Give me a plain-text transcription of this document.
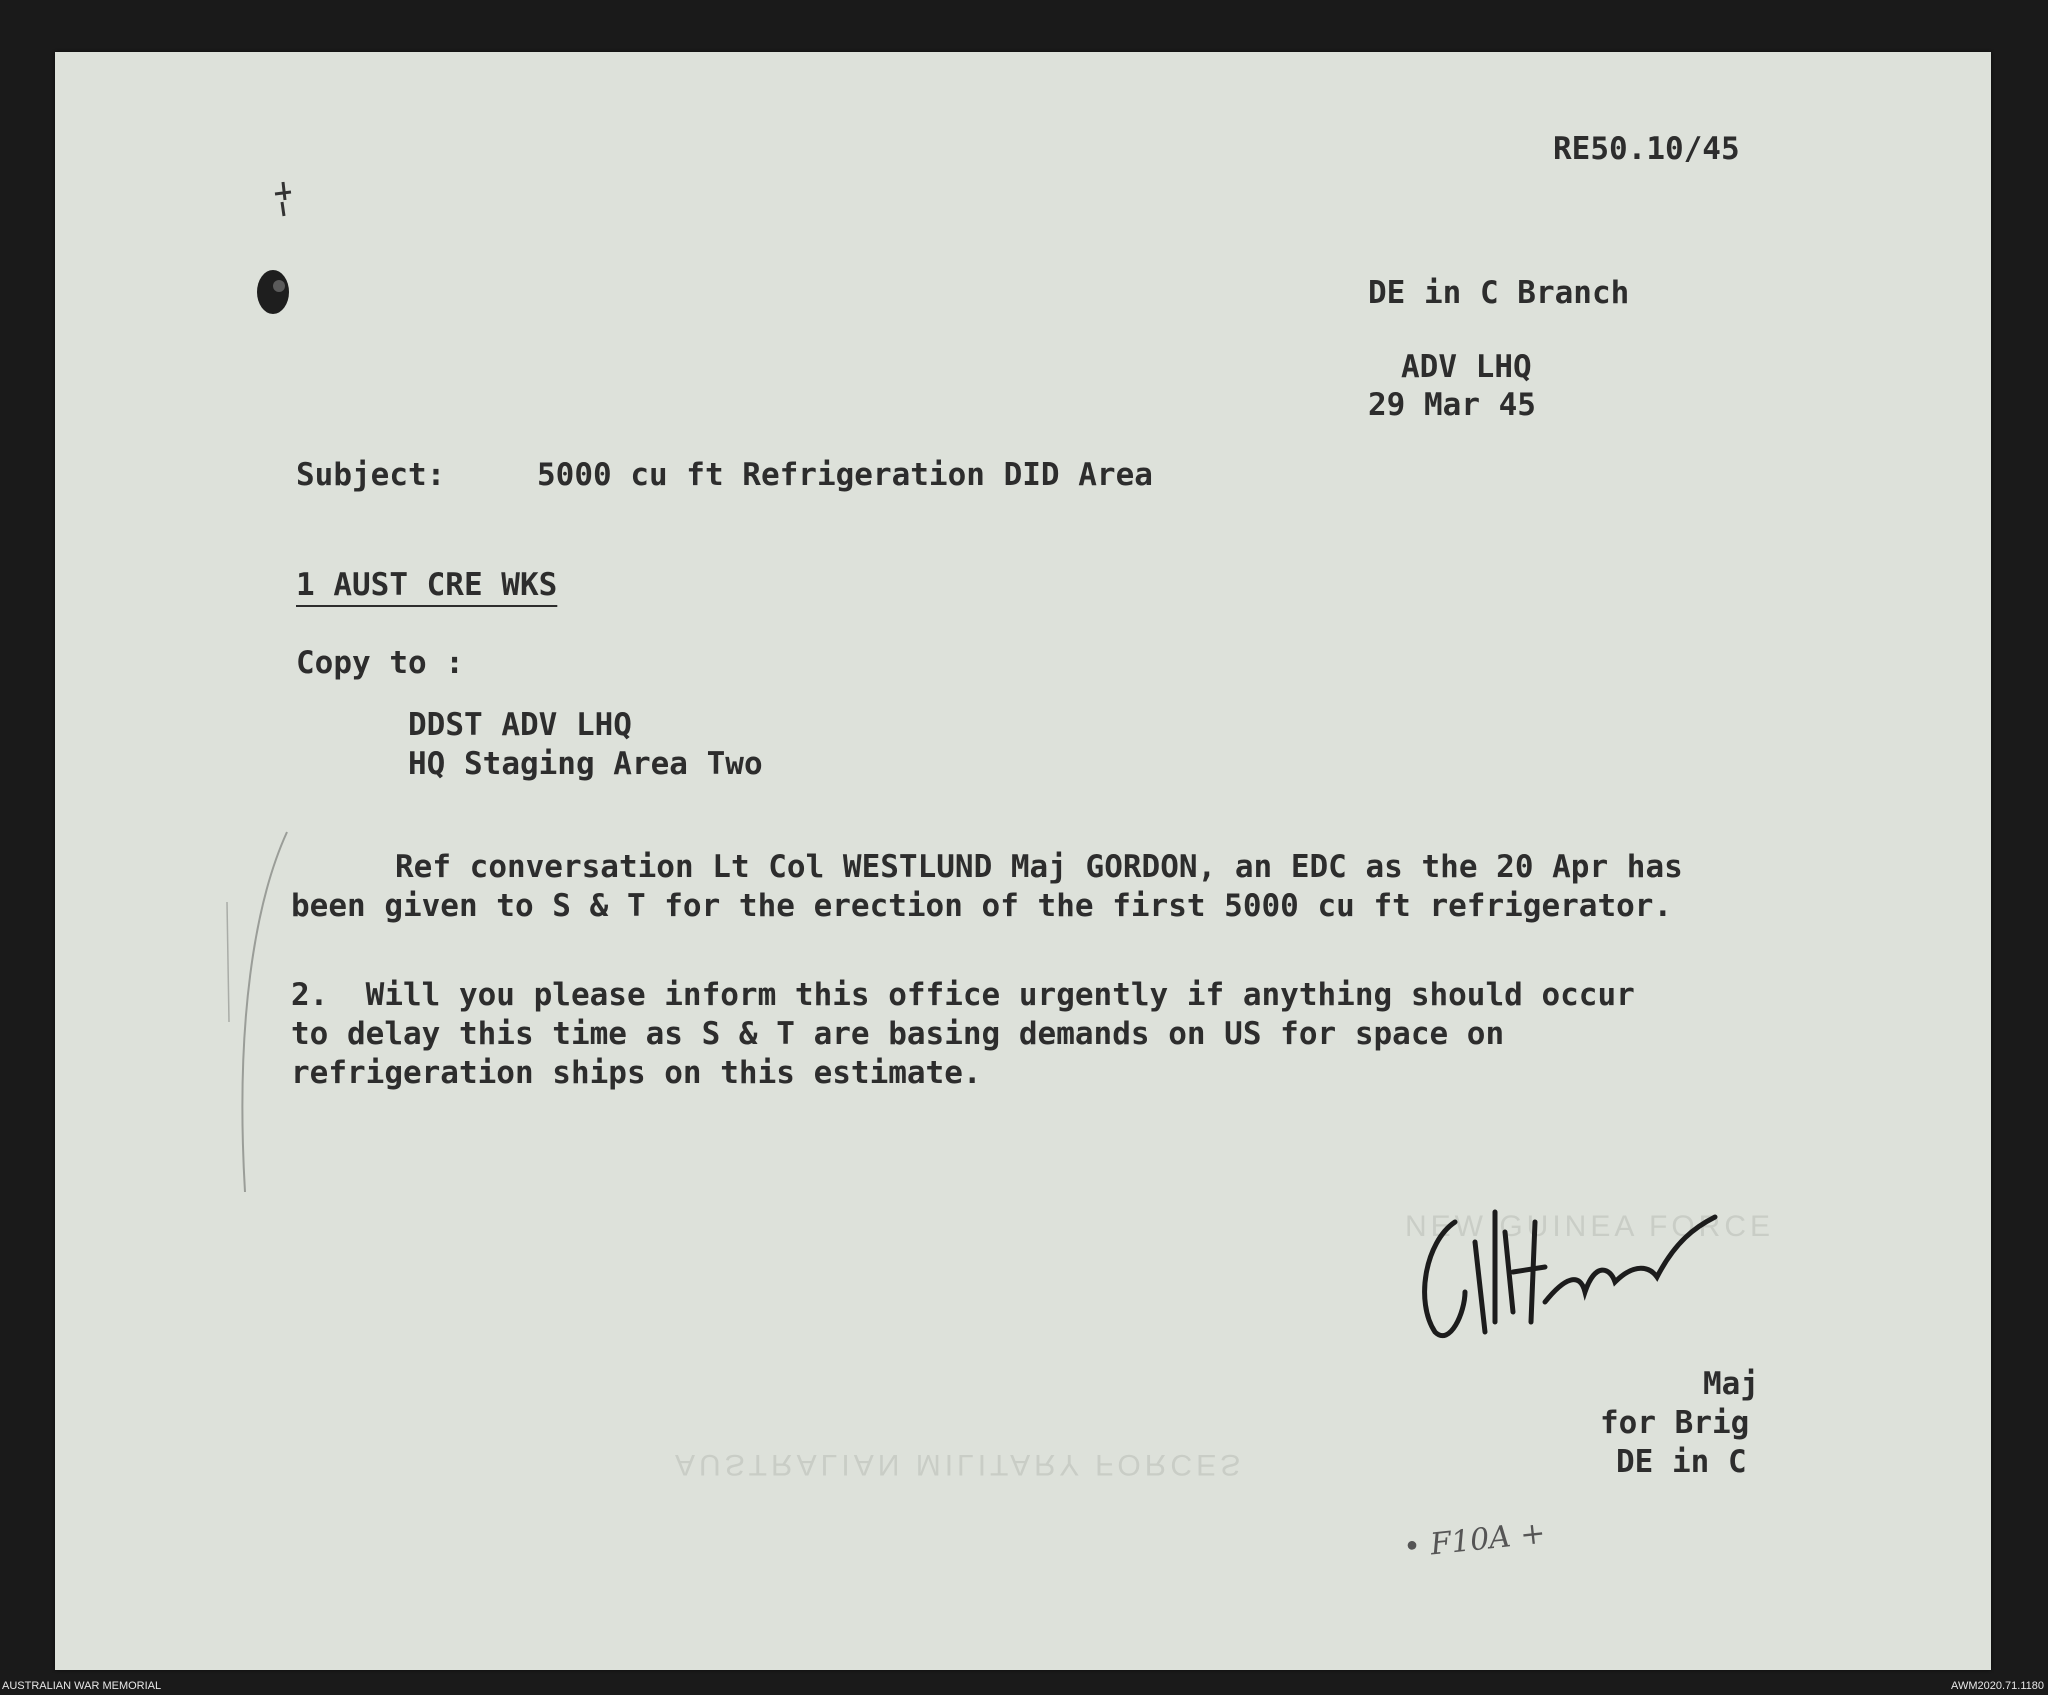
NEW GUINEA FORCE
AUSTRALIAN MILITARY FORCES
RE50.10/45
DE in C Branch
ADV LHQ
29 Mar 45
Subject:	5000 cu ft Refrigeration DID Area
1 AUST CRE WKS
Copy to :
DDST ADV LHQ
HQ Staging Area Two
Ref conversation Lt Col WESTLUND Maj GORDON, an EDC as the 20 Apr has
been given to S & T for the erection of the first 5000 cu ft refrigerator.
2.  Will you please inform this office urgently if anything should occur
to delay this time as S & T are basing demands on US for space on
refrigeration ships on this estimate.
Maj
for Brig
DE in C

• F10A +

AUSTRALIAN WAR MEMORIAL	AWM2020.71.1180
